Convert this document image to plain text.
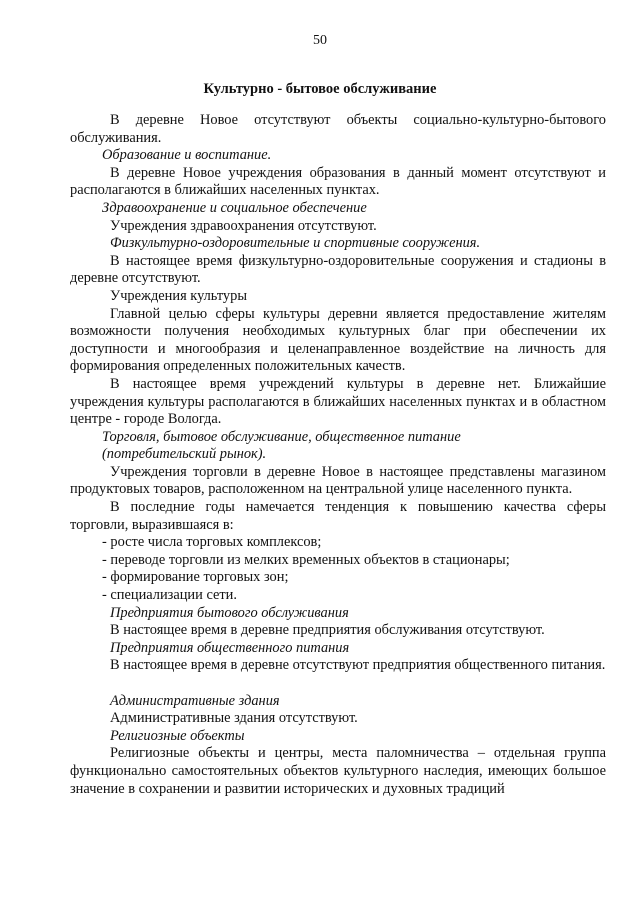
50
Культурно - бытовое обслуживание

В деревне Новое отсутствуют объекты социально-культурно-бытового обслуживания.

Образование и воспитание.

В деревне Новое учреждения образования в данный момент отсутствуют и располагаются в ближайших населенных пунктах.

Здравоохранение и социальное обеспечение

Учреждения здравоохранения отсутствуют.

Физкультурно-оздоровительные и спортивные сооружения.

В настоящее время физкультурно-оздоровительные сооружения и стадионы в деревне отсутствуют.

Учреждения культуры

Главной целью сферы культуры деревни является предоставление жителям возможности получения необходимых культурных благ при обеспечении их доступности и многообразия и целенаправленное воздействие на личность для формирования определенных положительных качеств.

В настоящее время учреждений культуры в деревне нет. Ближайшие учреждения культуры располагаются в ближайших населенных пунктах и в областном центре - городе Вологда.

Торговля, бытовое обслуживание, общественное питание

(потребительский рынок).

Учреждения торговли в деревне Новое в настоящее представлены магазином продуктовых товаров, расположенном на центральной улице населенного пункта.

В последние годы намечается тенденция к повышению качества сферы торговли, выразившаяся в:

- росте числа торговых комплексов;

- переводе торговли из мелких временных объектов в стационары;

- формирование торговых зон;

- специализации сети.

Предприятия бытового обслуживания

В настоящее время в деревне предприятия обслуживания отсутствуют.

Предприятия общественного питания

В настоящее время в деревне отсутствуют предприятия общественного питания.

Административные здания

Административные здания отсутствуют.

Религиозные объекты

Религиозные объекты и центры, места паломничества – отдельная группа функционально самостоятельных объектов культурного наследия, имеющих большое значение в сохранении и развитии исторических и духовных традиций
